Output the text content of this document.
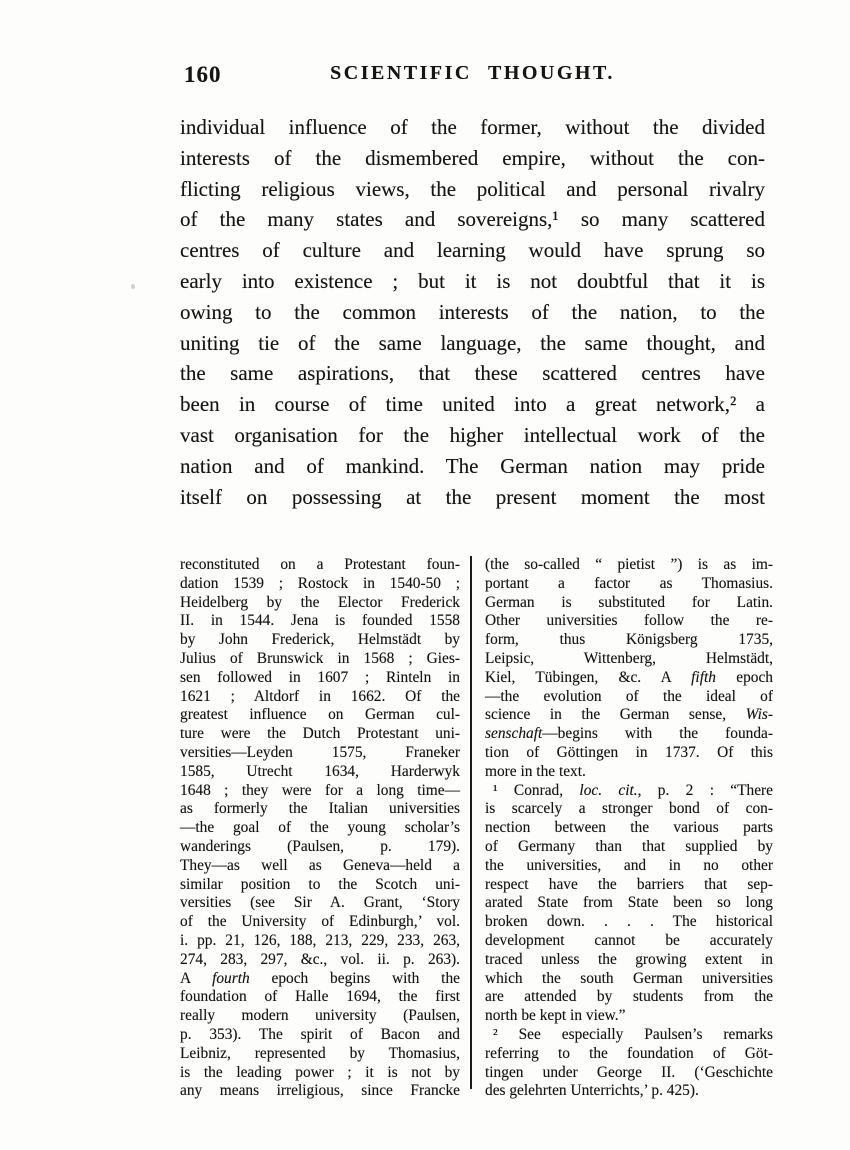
160	SCIENTIFIC THOUGHT.
individual influence of the former, without the divided
interests of the dismembered empire, without the con-
flicting religious views, the political and personal rivalry
of the many states and sovereigns,¹ so many scattered
centres of culture and learning would have sprung so
early into existence ; but it is not doubtful that it is
owing to the common interests of the nation, to the
uniting tie of the same language, the same thought, and
the same aspirations, that these scattered centres have
been in course of time united into a great network,² a
vast organisation for the higher intellectual work of the
nation and of mankind. The German nation may pride
itself on possessing at the present moment the most
reconstituted on a Protestant foun-
dation 1539 ; Rostock in 1540-50 ;
Heidelberg by the Elector Frederick
II. in 1544. Jena is founded 1558
by John Frederick, Helmstädt by
Julius of Brunswick in 1568 ; Gies-
sen followed in 1607 ; Rinteln in
1621 ; Altdorf in 1662. Of the
greatest influence on German cul-
ture were the Dutch Protestant uni-
versities—Leyden 1575, Franeker
1585, Utrecht 1634, Harderwyk
1648 ; they were for a long time—
as formerly the Italian universities
—the goal of the young scholar’s
wanderings (Paulsen, p. 179).
They—as well as Geneva—held a
similar position to the Scotch uni-
versities (see Sir A. Grant, ‘Story
of the University of Edinburgh,’ vol.
i. pp. 21, 126, 188, 213, 229, 233, 263,
274, 283, 297, &c., vol. ii. p. 263).
A fourth epoch begins with the
foundation of Halle 1694, the first
really modern university (Paulsen,
p. 353). The spirit of Bacon and
Leibniz, represented by Thomasius,
is the leading power ; it is not by
any means irreligious, since Francke
(the so-called “ pietist ”) is as im-
portant a factor as Thomasius.
German is substituted for Latin.
Other universities follow the re-
form, thus Königsberg 1735,
Leipsic, Wittenberg, Helmstädt,
Kiel, Tübingen, &c. A fifth epoch
—the evolution of the ideal of
science in the German sense, Wis-
senschaft—begins with the founda-
tion of Göttingen in 1737. Of this
more in the text.
¹ Conrad, loc. cit., p. 2 : “There
is scarcely a stronger bond of con-
nection between the various parts
of Germany than that supplied by
the universities, and in no other
respect have the barriers that sep-
arated State from State been so long
broken down. . . . The historical
development cannot be accurately
traced unless the growing extent in
which the south German universities
are attended by students from the
north be kept in view.”
² See especially Paulsen’s remarks
referring to the foundation of Göt-
tingen under George II. (‘Geschichte
des gelehrten Unterrichts,’ p. 425).
